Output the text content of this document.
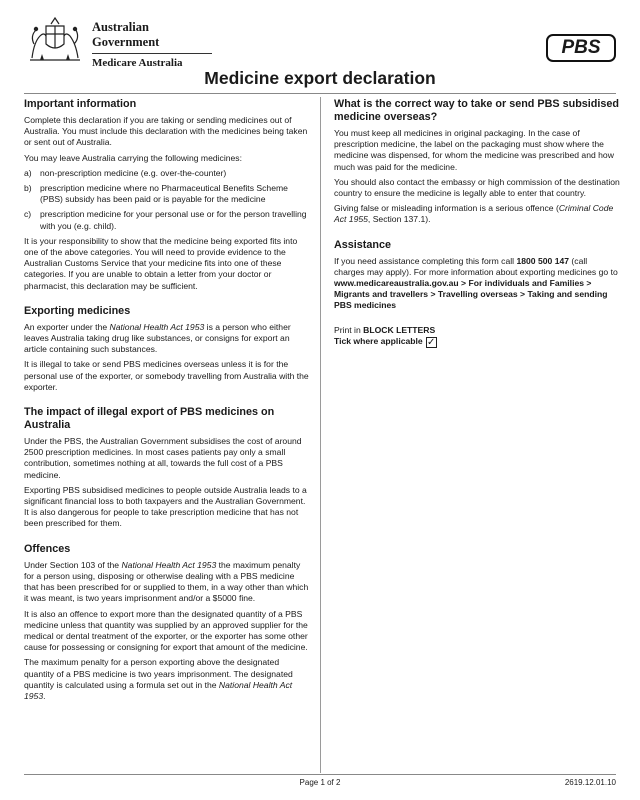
Australian Government
Medicare Australia
PBS
Medicine export declaration
Important information

Complete this declaration if you are taking or sending medicines out of Australia. You must include this declaration with the medicines being taken or sent out of Australia.

You may leave Australia carrying the following medicines:

a) non-prescription medicine (e.g. over-the-counter)
b) prescription medicine where no Pharmaceutical Benefits Scheme (PBS) subsidy has been paid or is payable for the medicine
c) prescription medicine for your personal use or for the person travelling with you (e.g. child).

It is your responsibility to show that the medicine being exported fits into one of the above categories. You will need to provide evidence to the Australian Customs Service that your medicine fits into one of these categories. If you are unable to obtain a letter from your doctor or pharmacist, this declaration may be sufficient.

Exporting medicines

An exporter under the National Health Act 1953 is a person who either leaves Australia taking drug like substances, or consigns for export an article containing such substances.

It is illegal to take or send PBS medicines overseas unless it is for the personal use of the exporter, or somebody travelling from Australia with the exporter.

The impact of illegal export of PBS medicines on Australia

Under the PBS, the Australian Government subsidises the cost of around 2500 prescription medicines. In most cases patients pay only a small contribution, sometimes nothing at all, towards the full cost of a PBS medicine.

Exporting PBS subsidised medicines to people outside Australia leads to a significant financial loss to both taxpayers and the Australian Government. It is also dangerous for people to take prescription medicine that has not been prescribed for them.

Offences

Under Section 103 of the National Health Act 1953 the maximum penalty for a person using, disposing or otherwise dealing with a PBS medicine that has been prescribed for or supplied to them, in a way other than which it was meant, is two years imprisonment and/or a $5000 fine.

It is also an offence to export more than the designated quantity of a PBS medicine unless that quantity was supplied by an approved supplier for the medical or dental treatment of the exporter, or the exporter has some other cause for possessing or consigning for export that amount of the medicine.

The maximum penalty for a person exporting above the designated quantity of a PBS medicine is two years imprisonment. The designated quantity is calculated using a formula set out in the National Health Act 1953.

What is the correct way to take or send PBS subsidised medicine overseas?

You must keep all medicines in original packaging. In the case of prescription medicine, the label on the packaging must show where the medicine was dispensed, for whom the medicine was prescribed and how much was paid for the medicine.

You should also contact the embassy or high commission of the destination country to ensure the medicine is legally able to enter that country.

Giving false or misleading information is a serious offence (Criminal Code Act 1955, Section 137.1).

Assistance

If you need assistance completing this form call 1800 500 147 (call charges may apply). For more information about exporting medicines go to www.medicareaustralia.gov.au > For individuals and Families > Migrants and travellers > Travelling overseas > Taking and sending PBS medicines

Print in BLOCK LETTERS

Tick where applicable ✓

Page 1 of 2	2619.12.01.10
